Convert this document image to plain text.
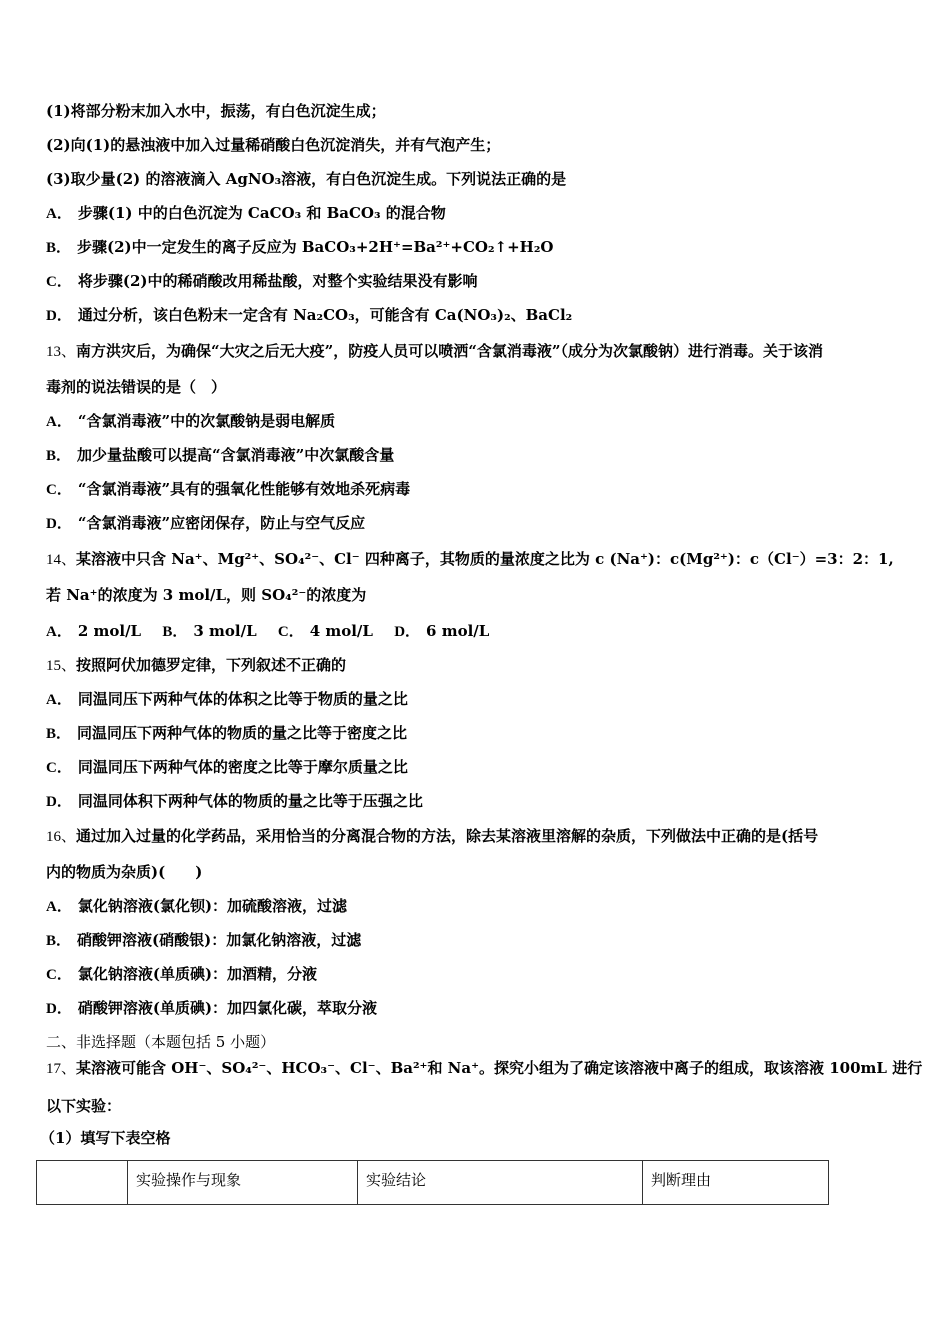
(1)将部分粉末加入水中，振荡，有白色沉淀生成；
(2)向(1)的悬浊液中加入过量稀硝酸白色沉淀消失，并有气泡产生；
(3)取少量(2) 的溶液滴入 AgNO₃溶液，有白色沉淀生成。下列说法正确的是
A． 步骤(1) 中的白色沉淀为 CaCO₃ 和 BaCO₃ 的混合物
B． 步骤(2)中一定发生的离子反应为 BaCO₃+2H⁺=Ba²⁺+CO₂↑+H₂O
C． 将步骤(2)中的稀硝酸改用稀盐酸，对整个实验结果没有影响
D． 通过分析，该白色粉末一定含有 Na₂CO₃，可能含有 Ca(NO₃)₂、BaCl₂
13、南方洪灾后，为确保“大灾之后无大疫”，防疫人员可以喷洒“含氯消毒液”（成分为次氯酸钠）进行消毒。关于该消
毒剂的说法错误的是（　）
A． “含氯消毒液”中的次氯酸钠是弱电解质
B． 加少量盐酸可以提高“含氯消毒液”中次氯酸含量
C． “含氯消毒液”具有的强氧化性能够有效地杀死病毒
D． “含氯消毒液”应密闭保存，防止与空气反应
14、某溶液中只含 Na⁺、Mg²⁺、SO₄²⁻、Cl⁻ 四种离子，其物质的量浓度之比为 c (Na⁺)：c(Mg²⁺)：c（Cl⁻）=3：2：1,
若 Na⁺的浓度为 3 mol/L，则 SO₄²⁻的浓度为
A． 2 mol/L B． 3 mol/L C． 4 mol/L D． 6 mol/L
15、按照阿伏加德罗定律，下列叙述不正确的
A． 同温同压下两种气体的体积之比等于物质的量之比
B． 同温同压下两种气体的物质的量之比等于密度之比
C． 同温同压下两种气体的密度之比等于摩尔质量之比
D． 同温同体积下两种气体的物质的量之比等于压强之比
16、通过加入过量的化学药品，采用恰当的分离混合物的方法，除去某溶液里溶解的杂质，下列做法中正确的是(括号
内的物质为杂质)(　　)
A． 氯化钠溶液(氯化钡)：加硫酸溶液，过滤
B． 硝酸钾溶液(硝酸银)：加氯化钠溶液，过滤
C． 氯化钠溶液(单质碘)：加酒精，分液
D． 硝酸钾溶液(单质碘)：加四氯化碳，萃取分液
二、非选择题（本题包括 5 小题）
17、某溶液可能含 OH⁻、SO₄²⁻、HCO₃⁻、Cl⁻、Ba²⁺和 Na⁺。探究小组为了确定该溶液中离子的组成，取该溶液 100mL 进行
以下实验：
（1）填写下表空格
	实验操作与现象	实验结论	判断理由
